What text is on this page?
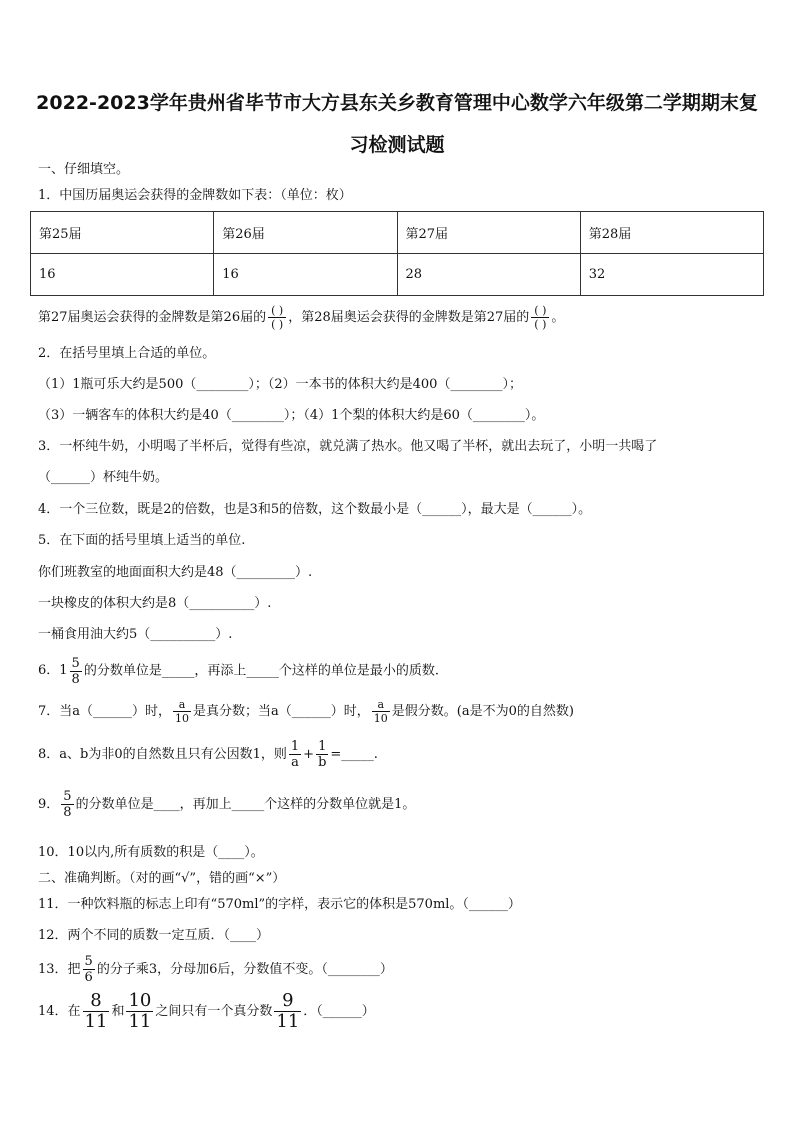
2022-2023学年贵州省毕节市大方县东关乡教育管理中心数学六年级第二学期期末复
习检测试题
一、仔细填空。
1．中国历届奥运会获得的金牌数如下表：（单位：枚）
第25届	第26届	第27届	第28届
16	16	28	32
第27届奥运会获得的金牌数是第26届的 $\frac{( )}{( )}$ ，第28届奥运会获得的金牌数是第27届的 $\frac{( )}{( )}$ 。
2．在括号里填上合适的单位。
（1）1瓶可乐大约是500（________）；（2）一本书的体积大约是400（________）；
（3）一辆客车的体积大约是40（________）；（4）1个梨的体积大约是60（________）。
3．一杯纯牛奶，小明喝了半杯后，觉得有些凉，就兑满了热水。他又喝了半杯，就出去玩了，小明一共喝了
（______）杯纯牛奶。
4．一个三位数，既是2的倍数，也是3和5的倍数，这个数最小是（______），最大是（______）。
5．在下面的括号里填上适当的单位.
你们班教室的地面面积大约是48（_________）.
一块橡皮的体积大约是8（__________）.
一桶食用油大约5（__________）.
6．$1 \frac{5}{8}$ 的分数单位是_____，再添上_____个这样的单位是最小的质数.
7．当a（______）时， $\frac{a}{10}$ 是真分数；当a（______）时， $\frac{a}{10}$ 是假分数。(a是不为0的自然数)
8．a、b为非0的自然数且只有公因数1，则 $\frac{1}{a} + \frac{1}{b}$ =_____.
9． $\frac{5}{8}$ 的分数单位是____，再加上_____个这样的分数单位就是1。
10．10以内,所有质数的积是（____）。
二、准确判断。（对的画“√”，错的画“×”）
11．一种饮料瓶的标志上印有“570ml”的字样，表示它的体积是570ml。（______）
12．两个不同的质数一定互质．（____）
13．把 $\frac{5}{6}$ 的分子乘3，分母加6后，分数值不变。（________）
14．在 $\frac{8}{11}$ 和 $\frac{10}{11}$ 之间只有一个真分数 $\frac{9}{11}$ ．（______）
